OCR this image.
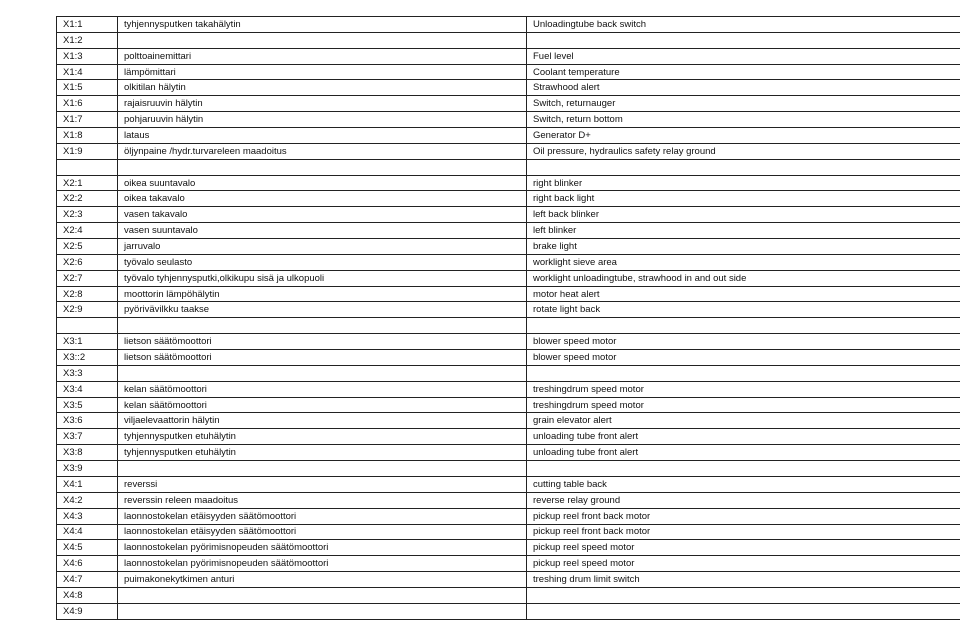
X1:1	tyhjennysputken takahälytin	Unloadingtube back switch
X1:2		
X1:3	polttoainemittari	Fuel level
X1:4	lämpömittari	Coolant temperature
X1:5	olkitilan hälytin	Strawhood alert
X1:6	rajaisruuvin hälytin	Switch, returnauger
X1:7	pohjaruuvin hälytin	Switch, return bottom
X1:8	lataus	Generator D+
X1:9	öljynpaine /hydr.turvareleen maadoitus	Oil pressure, hydraulics safety relay ground

X2:1	oikea suuntavalo	right blinker
X2:2	oikea takavalo	right back light
X2:3	vasen takavalo	left back blinker
X2:4	vasen suuntavalo	left blinker
X2:5	jarruvalo	brake light
X2:6	työvalo seulasto	worklight sieve area
X2:7	työvalo tyhjennysputki,olkikupu sisä ja ulkopuoli	worklight unloadingtube, strawhood in and out side
X2:8	moottorin lämpöhälytin	motor heat alert
X2:9	pyörivävilkku taakse	rotate light back

X3:1	lietson säätömoottori	blower speed motor
X3::2	lietson säätömoottori	blower speed motor
X3:3		
X3:4	kelan säätömoottori	treshingdrum speed motor
X3:5	kelan säätömoottori	treshingdrum speed motor
X3:6	viljaelevaattorin hälytin	grain elevator alert
X3:7	tyhjennysputken etuhälytin	unloading tube front alert
X3:8	tyhjennysputken etuhälytin	unloading tube front alert
X3:9		
X4:1	reverssi	cutting table back
X4:2	reverssin releen maadoitus	reverse relay ground
X4:3	laonnostokelan etäisyyden säätömoottori	pickup reel front back motor
X4:4	laonnostokelan etäisyyden säätömoottori	pickup reel front back motor
X4:5	laonnostokelan pyörimisnopeuden säätömoottori	pickup reel speed motor
X4:6	laonnostokelan pyörimisnopeuden säätömoottori	pickup reel speed motor
X4:7	puimakonekytkimen anturi	treshing drum limit switch
X4:8		
X4:9		
